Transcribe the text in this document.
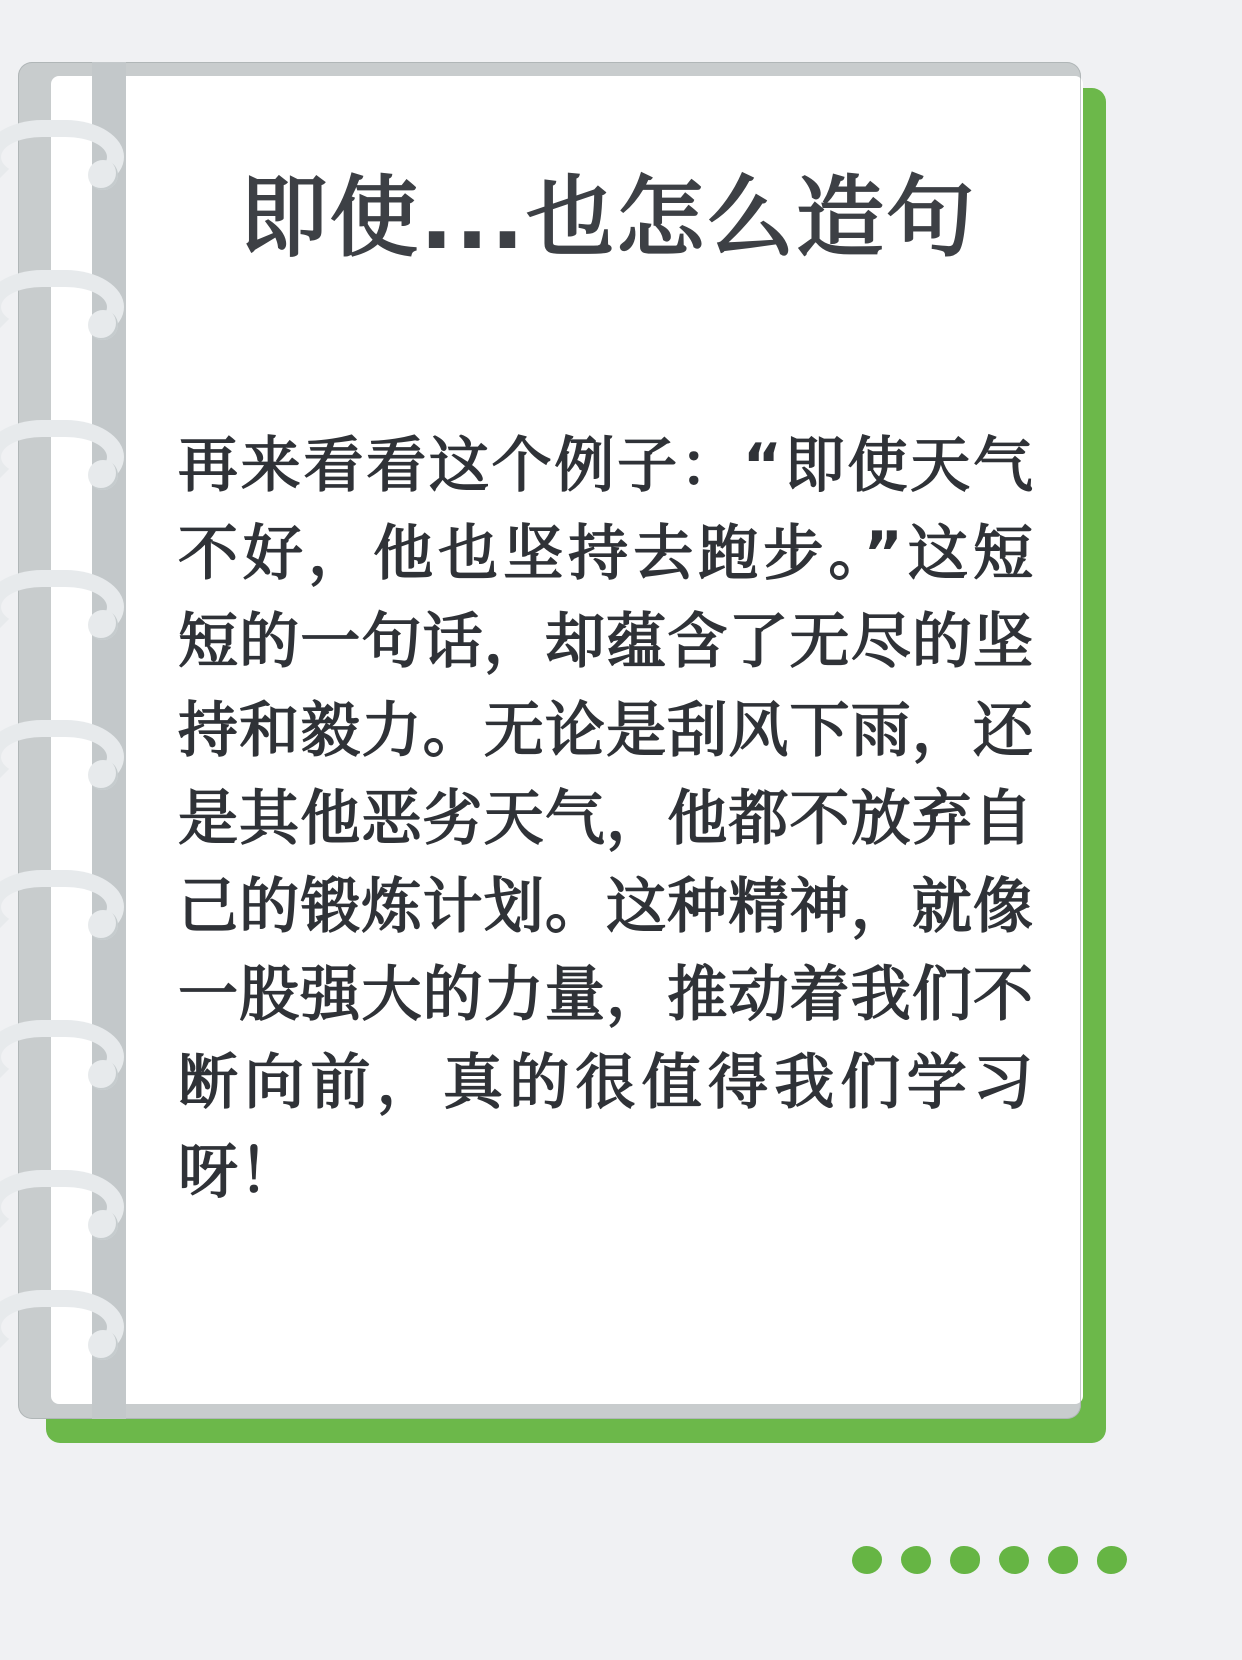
即使...也怎么造句

再来看看这个例子：“即使天气不好，他也坚持去跑步。”这短短的一句话，却蕴含了无尽的坚持和毅力。无论是刮风下雨，还是其他恶劣天气，他都不放弃自己的锻炼计划。这种精神，就像一股强大的力量，推动着我们不断向前，真的很值得我们学习呀！
